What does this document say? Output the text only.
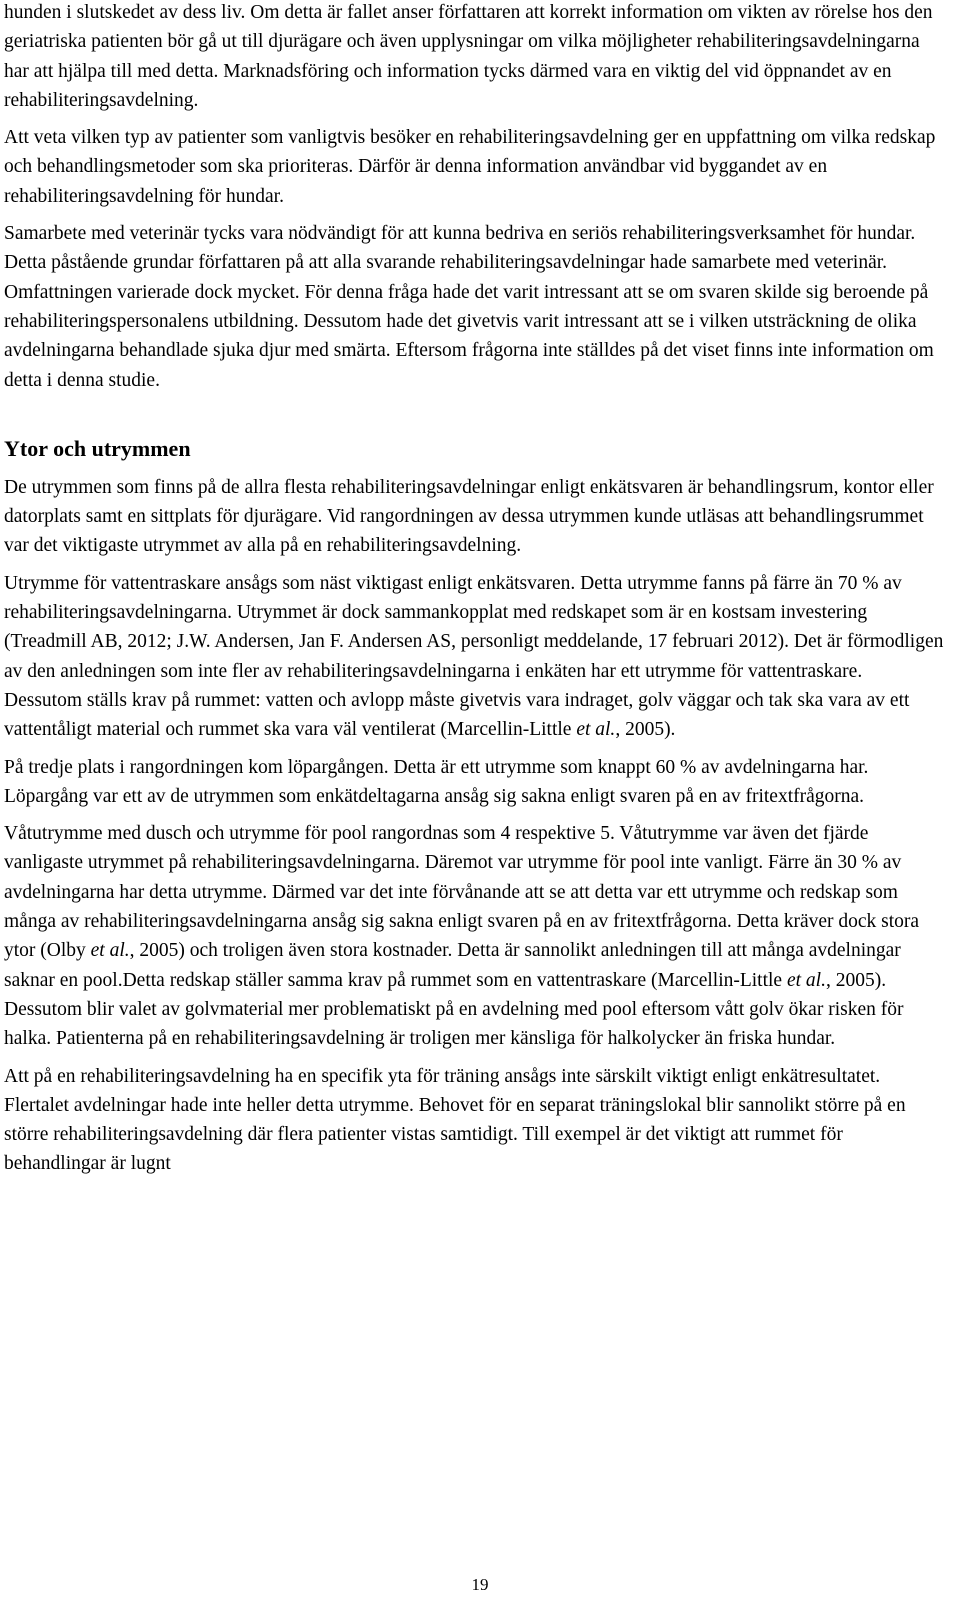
hunden i slutskedet av dess liv. Om detta är fallet anser författaren att korrekt information om vikten av rörelse hos den geriatriska patienten bör gå ut till djurägare och även upplysningar om vilka möjligheter rehabiliteringsavdelningarna har att hjälpa till med detta. Marknadsföring och information tycks därmed vara en viktig del vid öppnandet av en rehabiliteringsavdelning.

Att veta vilken typ av patienter som vanligtvis besöker en rehabiliteringsavdelning ger en uppfattning om vilka redskap och behandlingsmetoder som ska prioriteras. Därför är denna information användbar vid byggandet av en rehabiliteringsavdelning för hundar.

Samarbete med veterinär tycks vara nödvändigt för att kunna bedriva en seriös rehabiliteringsverksamhet för hundar. Detta påstående grundar författaren på att alla svarande rehabiliteringsavdelningar hade samarbete med veterinär. Omfattningen varierade dock mycket. För denna fråga hade det varit intressant att se om svaren skilde sig beroende på rehabiliteringspersonalens utbildning. Dessutom hade det givetvis varit intressant att se i vilken utsträckning de olika avdelningarna behandlade sjuka djur med smärta. Eftersom frågorna inte ställdes på det viset finns inte information om detta i denna studie.

Ytor och utrymmen

De utrymmen som finns på de allra flesta rehabiliteringsavdelningar enligt enkätsvaren är behandlingsrum, kontor eller datorplats samt en sittplats för djurägare. Vid rangordningen av dessa utrymmen kunde utläsas att behandlingsrummet var det viktigaste utrymmet av alla på en rehabiliteringsavdelning.

Utrymme för vattentraskare ansågs som näst viktigast enligt enkätsvaren. Detta utrymme fanns på färre än 70 % av rehabiliteringsavdelningarna. Utrymmet är dock sammankopplat med redskapet som är en kostsam investering (Treadmill AB, 2012; J.W. Andersen, Jan F. Andersen AS, personligt meddelande, 17 februari 2012). Det är förmodligen av den anledningen som inte fler av rehabiliteringsavdelningarna i enkäten har ett utrymme för vattentraskare. Dessutom ställs krav på rummet: vatten och avlopp måste givetvis vara indraget, golv väggar och tak ska vara av ett vattentåligt material och rummet ska vara väl ventilerat (Marcellin-Little et al., 2005).

På tredje plats i rangordningen kom löpargången. Detta är ett utrymme som knappt 60 % av avdelningarna har. Löpargång var ett av de utrymmen som enkätdeltagarna ansåg sig sakna enligt svaren på en av fritextfrågorna.

Våtutrymme med dusch och utrymme för pool rangordnas som 4 respektive 5. Våtutrymme var även det fjärde vanligaste utrymmet på rehabiliteringsavdelningarna. Däremot var utrymme för pool inte vanligt. Färre än 30 % av avdelningarna har detta utrymme. Därmed var det inte förvånande att se att detta var ett utrymme och redskap som många av rehabiliteringsavdelningarna ansåg sig sakna enligt svaren på en av fritextfrågorna. Detta kräver dock stora ytor (Olby et al., 2005) och troligen även stora kostnader. Detta är sannolikt anledningen till att många avdelningar saknar en pool.Detta redskap ställer samma krav på rummet som en vattentraskare (Marcellin-Little et al., 2005). Dessutom blir valet av golvmaterial mer problematiskt på en avdelning med pool eftersom vått golv ökar risken för halka. Patienterna på en rehabiliteringsavdelning är troligen mer känsliga för halkolycker än friska hundar.

Att på en rehabiliteringsavdelning ha en specifik yta för träning ansågs inte särskilt viktigt enligt enkätresultatet. Flertalet avdelningar hade inte heller detta utrymme. Behovet för en separat träningslokal blir sannolikt större på en större rehabiliteringsavdelning där flera patienter vistas samtidigt. Till exempel är det viktigt att rummet för behandlingar är lugnt

19
